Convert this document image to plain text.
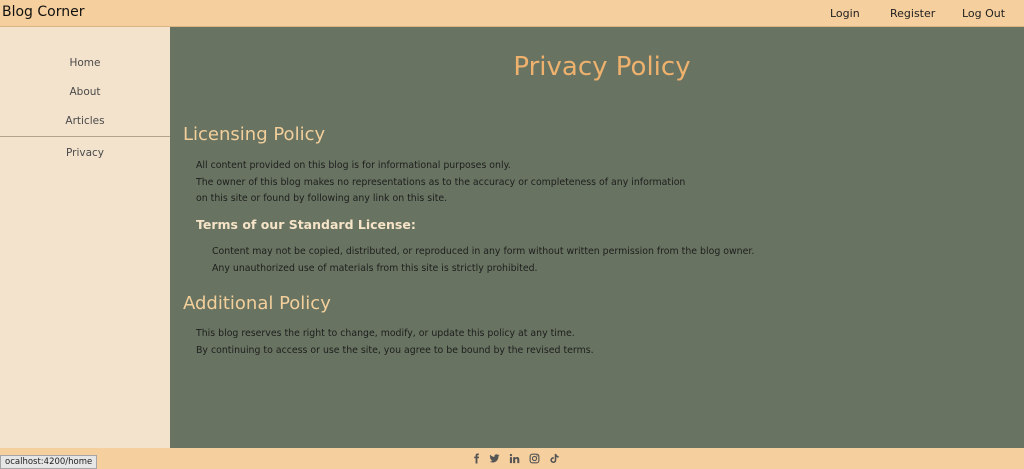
Blog Corner	Login	Register Log Out
Home
About
Articles
Privacy
Privacy Policy
Licensing Policy
All content provided on this blog is for informational purposes only.
The owner of this blog makes no representations as to the accuracy or completeness of any information
on this site or found by following any link on this site.
Terms of our Standard License:
Content may not be copied, distributed, or reproduced in any form without written permission from the blog owner.
Any unauthorized use of materials from this site is strictly prohibited.
Additional Policy
This blog reserves the right to change, modify, or update this policy at any time.
By continuing to access or use the site, you agree to be bound by the revised terms.
ocalhost:4200/home
